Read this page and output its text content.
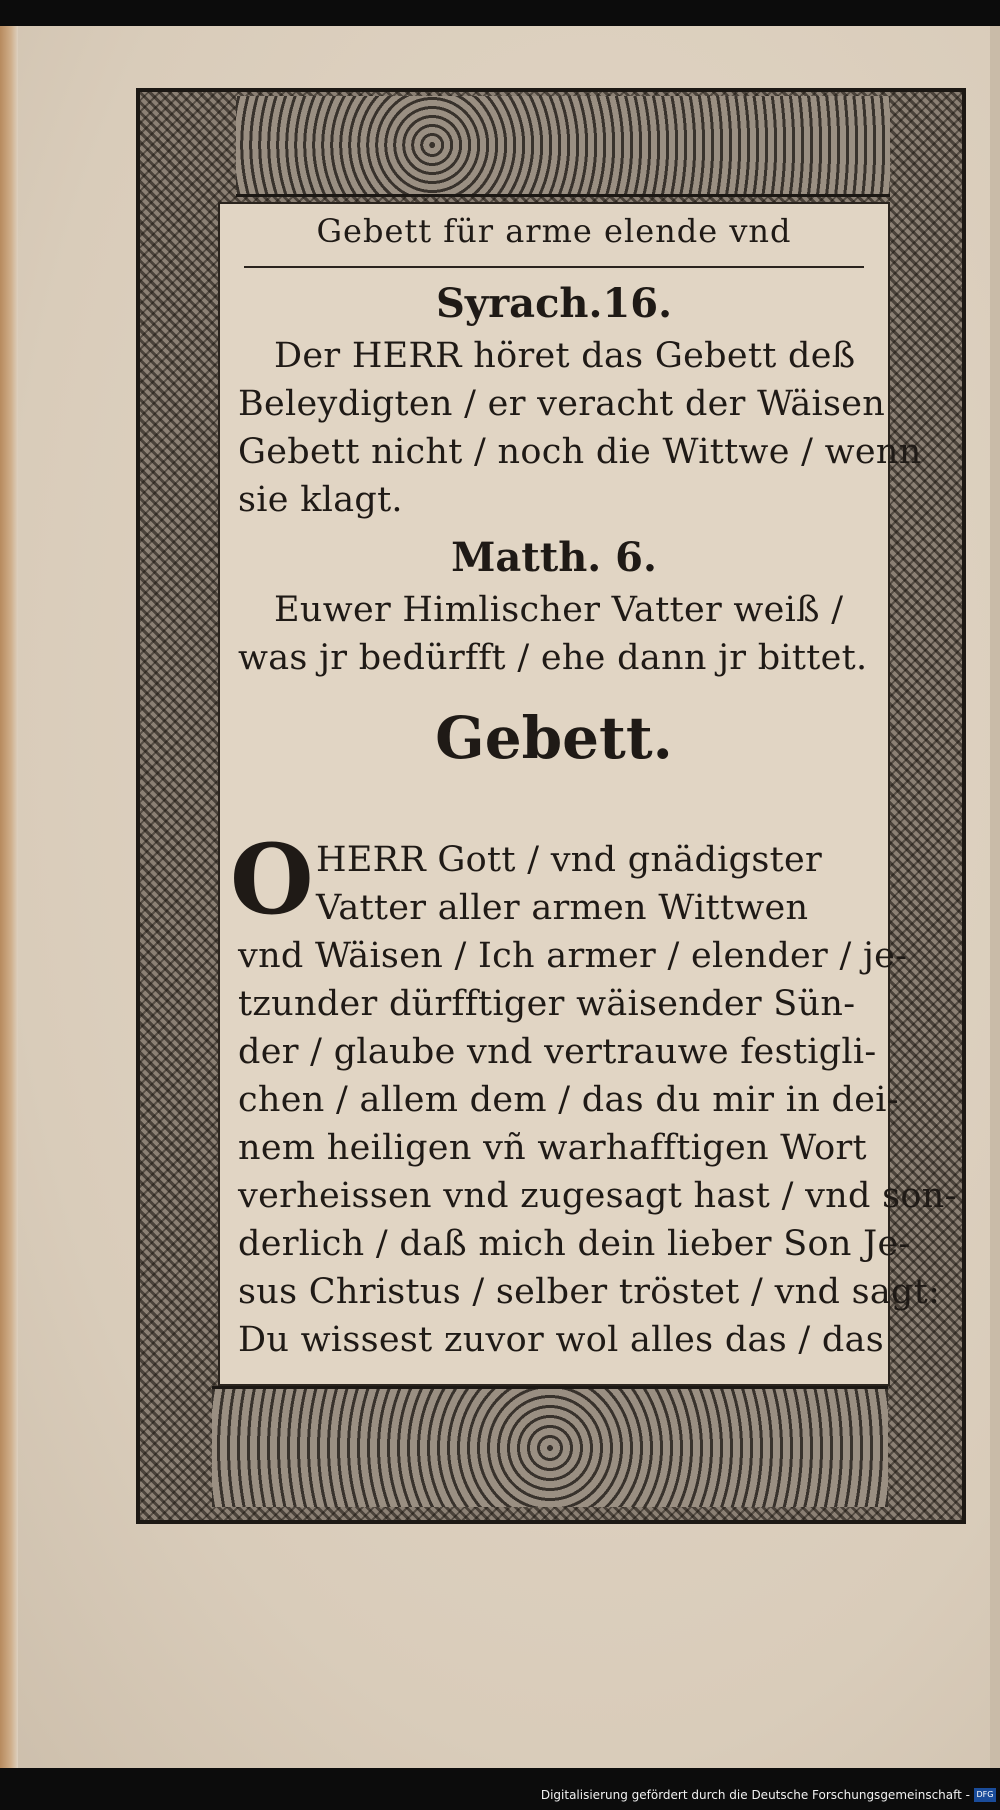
Gebett für arme elende vnd
Syrach.16.
Der HERR höret das Gebett deß
Beleydigten / er veracht der Wäisen
Gebett nicht / noch die Wittwe / wenn
sie klagt.
Matth. 6.
Euwer Himlischer Vatter weiß /
was jr bedürfft / ehe dann jr bittet.
Gebett.
O HERR Gott / vnd gnädigster
Vatter aller armen Wittwen
vnd Wäisen / Ich armer / elender / je-
tzunder dürfftiger wäisender Sün-
der / glaube vnd vertrauwe festigli-
chen / allem dem / das du mir in dei-
nem heiligen vñ warhafftigen Wort
verheissen vnd zugesagt hast / vnd son-
derlich / daß mich dein lieber Son Je-
sus Christus / selber tröstet / vnd sagt:
Du wissest zuvor wol alles das / das
Digitalisierung gefördert durch die Deutsche Forschungsgemeinschaft - DFG
